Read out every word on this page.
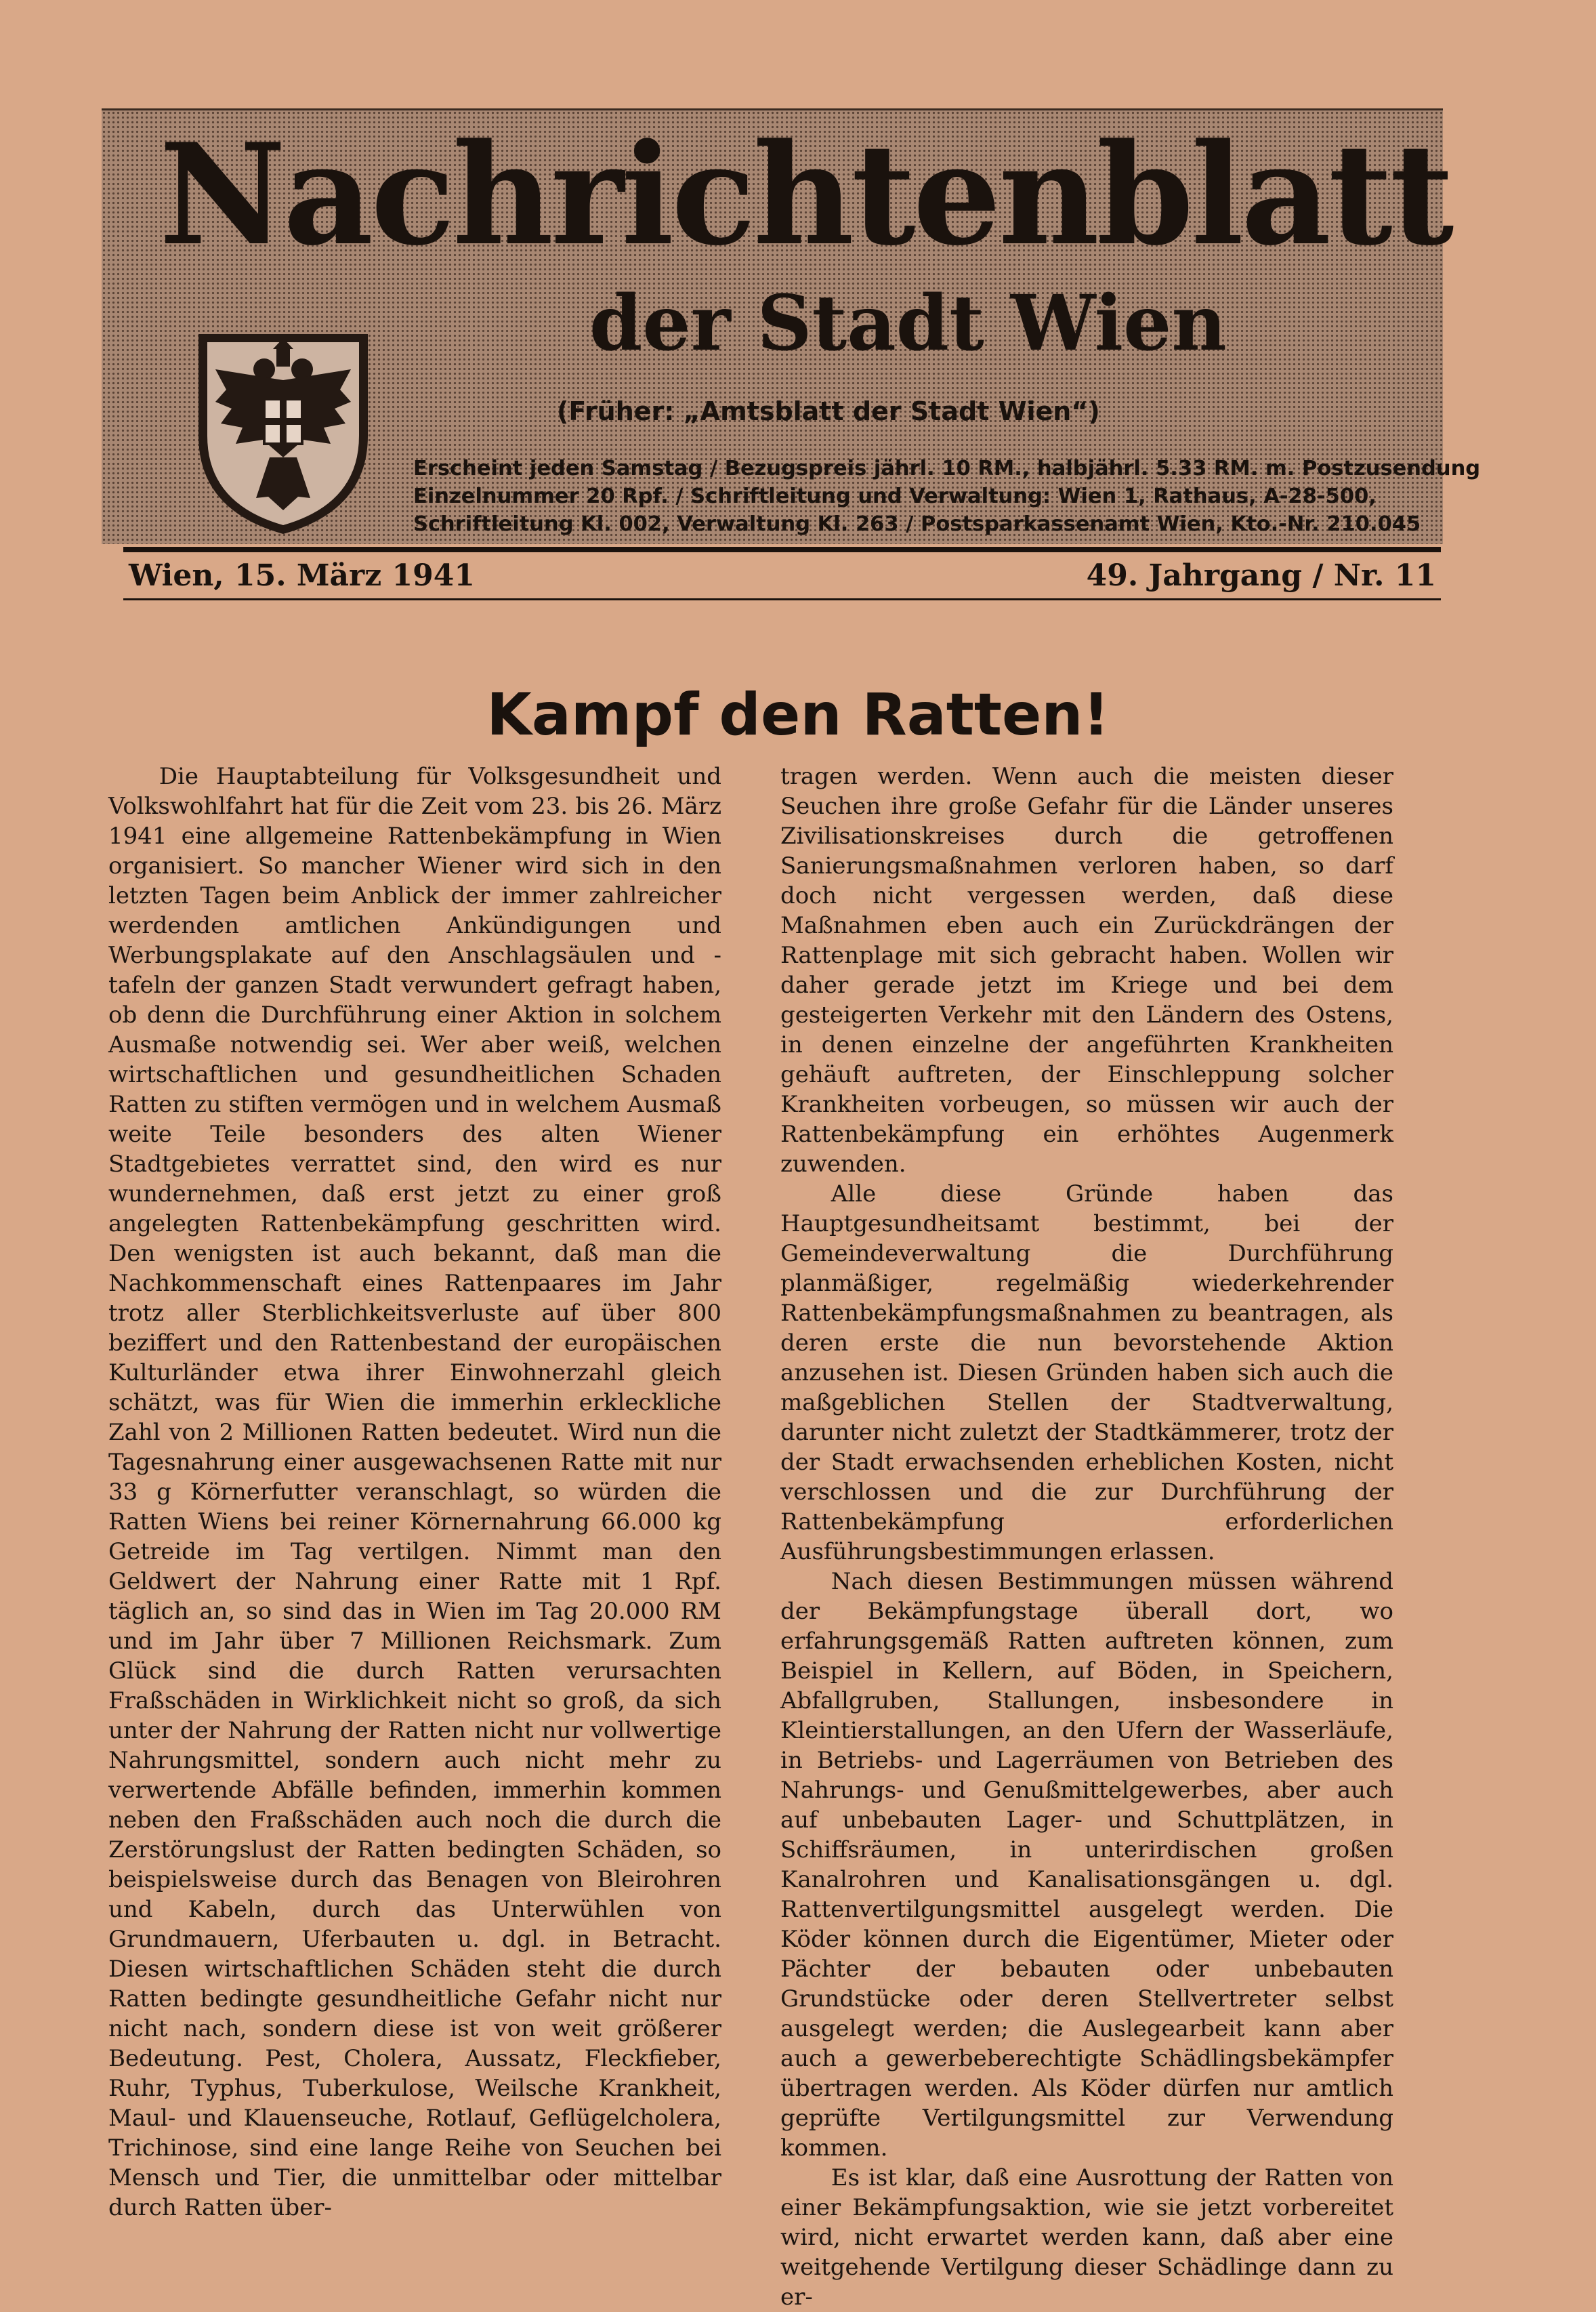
Nachrichtenblatt
der Stadt Wien
(Früher: „Amtsblatt der Stadt Wien“)
Erscheint jeden Samstag / Bezugspreis jährl. 10 RM., halbjährl. 5.33 RM. m. Postzusendung
Einzelnummer 20 Rpf. / Schriftleitung und Verwaltung: Wien 1, Rathaus, A-28-500,
Schriftleitung Kl. 002, Verwaltung Kl. 263 / Postsparkassenamt Wien, Kto.-Nr. 210.045
Wien, 15. März 1941	49. Jahrgang / Nr. 11
Kampf den Ratten!

Die Hauptabteilung für Volksgesundheit und Volkswohlfahrt hat für die Zeit vom 23. bis 26. März 1941 eine allgemeine Rattenbekämpfung in Wien organisiert. So mancher Wiener wird sich in den letzten Tagen beim Anblick der immer zahlreicher werdenden amtlichen Ankündigungen und Werbungsplakate auf den Anschlagsäulen und -tafeln der ganzen Stadt verwundert gefragt haben, ob denn die Durchführung einer Aktion in solchem Ausmaße notwendig sei. Wer aber weiß, welchen wirtschaftlichen und gesundheitlichen Schaden Ratten zu stiften vermögen und in welchem Ausmaß weite Teile besonders des alten Wiener Stadtgebietes verrattet sind, den wird es nur wundernehmen, daß erst jetzt zu einer groß angelegten Rattenbekämpfung geschritten wird. Den wenigsten ist auch bekannt, daß man die Nachkommenschaft eines Rattenpaares im Jahr trotz aller Sterblichkeitsverluste auf über 800 beziffert und den Rattenbestand der europäischen Kulturländer etwa ihrer Einwohnerzahl gleich schätzt, was für Wien die immerhin erkleckliche Zahl von 2 Millionen Ratten bedeutet. Wird nun die Tagesnahrung einer ausgewachsenen Ratte mit nur 33 g Körnerfutter veranschlagt, so würden die Ratten Wiens bei reiner Körnernahrung 66.000 kg Getreide im Tag vertilgen. Nimmt man den Geldwert der Nahrung einer Ratte mit 1 Rpf. täglich an, so sind das in Wien im Tag 20.000 RM und im Jahr über 7 Millionen Reichsmark. Zum Glück sind die durch Ratten verursachten Fraßschäden in Wirklichkeit nicht so groß, da sich unter der Nahrung der Ratten nicht nur vollwertige Nahrungsmittel, sondern auch nicht mehr zu verwertende Abfälle befinden, immerhin kommen neben den Fraßschäden auch noch die durch die Zerstörungslust der Ratten bedingten Schäden, so beispielsweise durch das Benagen von Bleirohren und Kabeln, durch das Unterwühlen von Grundmauern, Uferbauten u. dgl. in Betracht. Diesen wirtschaftlichen Schäden steht die durch Ratten bedingte gesundheitliche Gefahr nicht nur nicht nach, sondern diese ist von weit größerer Bedeutung. Pest, Cholera, Aussatz, Fleckfieber, Ruhr, Typhus, Tuberkulose, Weilsche Krankheit, Maul- und Klauenseuche, Rotlauf, Geflügelcholera, Trichinose, sind eine lange Reihe von Seuchen bei Mensch und Tier, die unmittelbar oder mittelbar durch Ratten über-

tragen werden. Wenn auch die meisten dieser Seuchen ihre große Gefahr für die Länder unseres Zivilisationskreises durch die getroffenen Sanierungsmaßnahmen verloren haben, so darf doch nicht vergessen werden, daß diese Maßnahmen eben auch ein Zurückdrängen der Rattenplage mit sich gebracht haben. Wollen wir daher gerade jetzt im Kriege und bei dem gesteigerten Verkehr mit den Ländern des Ostens, in denen einzelne der angeführten Krankheiten gehäuft auftreten, der Einschleppung solcher Krankheiten vorbeugen, so müssen wir auch der Rattenbekämpfung ein erhöhtes Augenmerk zuwenden.

Alle diese Gründe haben das Hauptgesundheitsamt bestimmt, bei der Gemeindeverwaltung die Durchführung planmäßiger, regelmäßig wiederkehrender Rattenbekämpfungsmaßnahmen zu beantragen, als deren erste die nun bevorstehende Aktion anzusehen ist. Diesen Gründen haben sich auch die maßgeblichen Stellen der Stadtverwaltung, darunter nicht zuletzt der Stadtkämmerer, trotz der der Stadt erwachsenden erheblichen Kosten, nicht verschlossen und die zur Durchführung der Rattenbekämpfung erforderlichen Ausführungsbestimmungen erlassen.

Nach diesen Bestimmungen müssen während der Bekämpfungstage überall dort, wo erfahrungsgemäß Ratten auftreten können, zum Beispiel in Kellern, auf Böden, in Speichern, Abfallgruben, Stallungen, insbesondere in Kleintierstallungen, an den Ufern der Wasserläufe, in Betriebs- und Lagerräumen von Betrieben des Nahrungs- und Genußmittelgewerbes, aber auch auf unbebauten Lager- und Schuttplätzen, in Schiffsräumen, in unterirdischen großen Kanalrohren und Kanalisationsgängen u. dgl. Rattenvertilgungsmittel ausgelegt werden. Die Köder können durch die Eigentümer, Mieter oder Pächter der bebauten oder unbebauten Grundstücke oder deren Stellvertreter selbst ausgelegt werden; die Auslegearbeit kann aber auch a gewerbeberechtigte Schädlingsbekämpfer übertragen werden. Als Köder dürfen nur amtlich geprüfte Vertilgungsmittel zur Verwendung kommen.

Es ist klar, daß eine Ausrottung der Ratten von einer Bekämpfungsaktion, wie sie jetzt vorbereitet wird, nicht erwartet werden kann, daß aber eine weitgehende Vertilgung dieser Schädlinge dann zu er-
